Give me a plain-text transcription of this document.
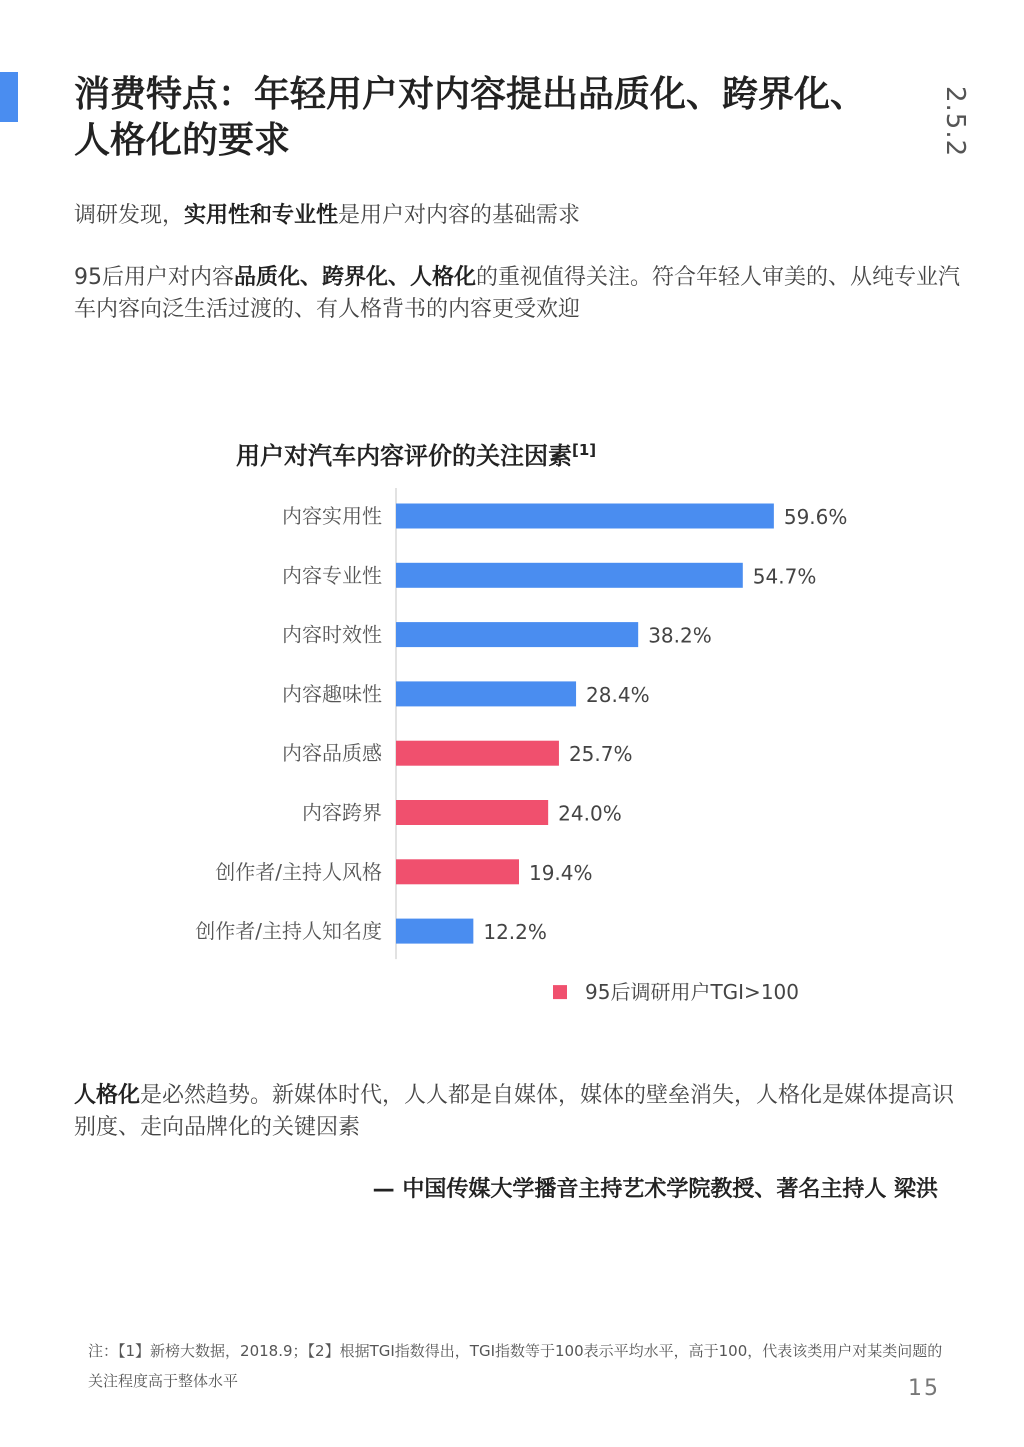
消费特点：年轻用户对内容提出品质化、跨界化、
人格化的要求	2.5.2

调研发现，实用性和专业性是用户对内容的基础需求

95后用户对内容品质化、跨界化、人格化的重视值得关注。符合年轻人审美的、从纯专业汽车内容向泛生活过渡的、有人格背书的内容更受欢迎

用户对汽车内容评价的关注因素[1]
内容实用性	59.6%
内容专业性	54.7%
内容时效性	38.2%
内容趣味性	28.4%
内容品质感	25.7%
内容跨界	24.0%
创作者/主持人风格	19.4%
创作者/主持人知名度	12.2%
95后调研用户TGI>100

人格化是必然趋势。新媒体时代，人人都是自媒体，媒体的壁垒消失，人格化是媒体提高识别度、走向品牌化的关键因素

— 中国传媒大学播音主持艺术学院教授、著名主持人 梁洪

注：【1】新榜大数据，2018.9；【2】根据TGI指数得出，TGI指数等于100表示平均水平，高于100，代表该类用户对某类问题的关注程度高于整体水平	15
